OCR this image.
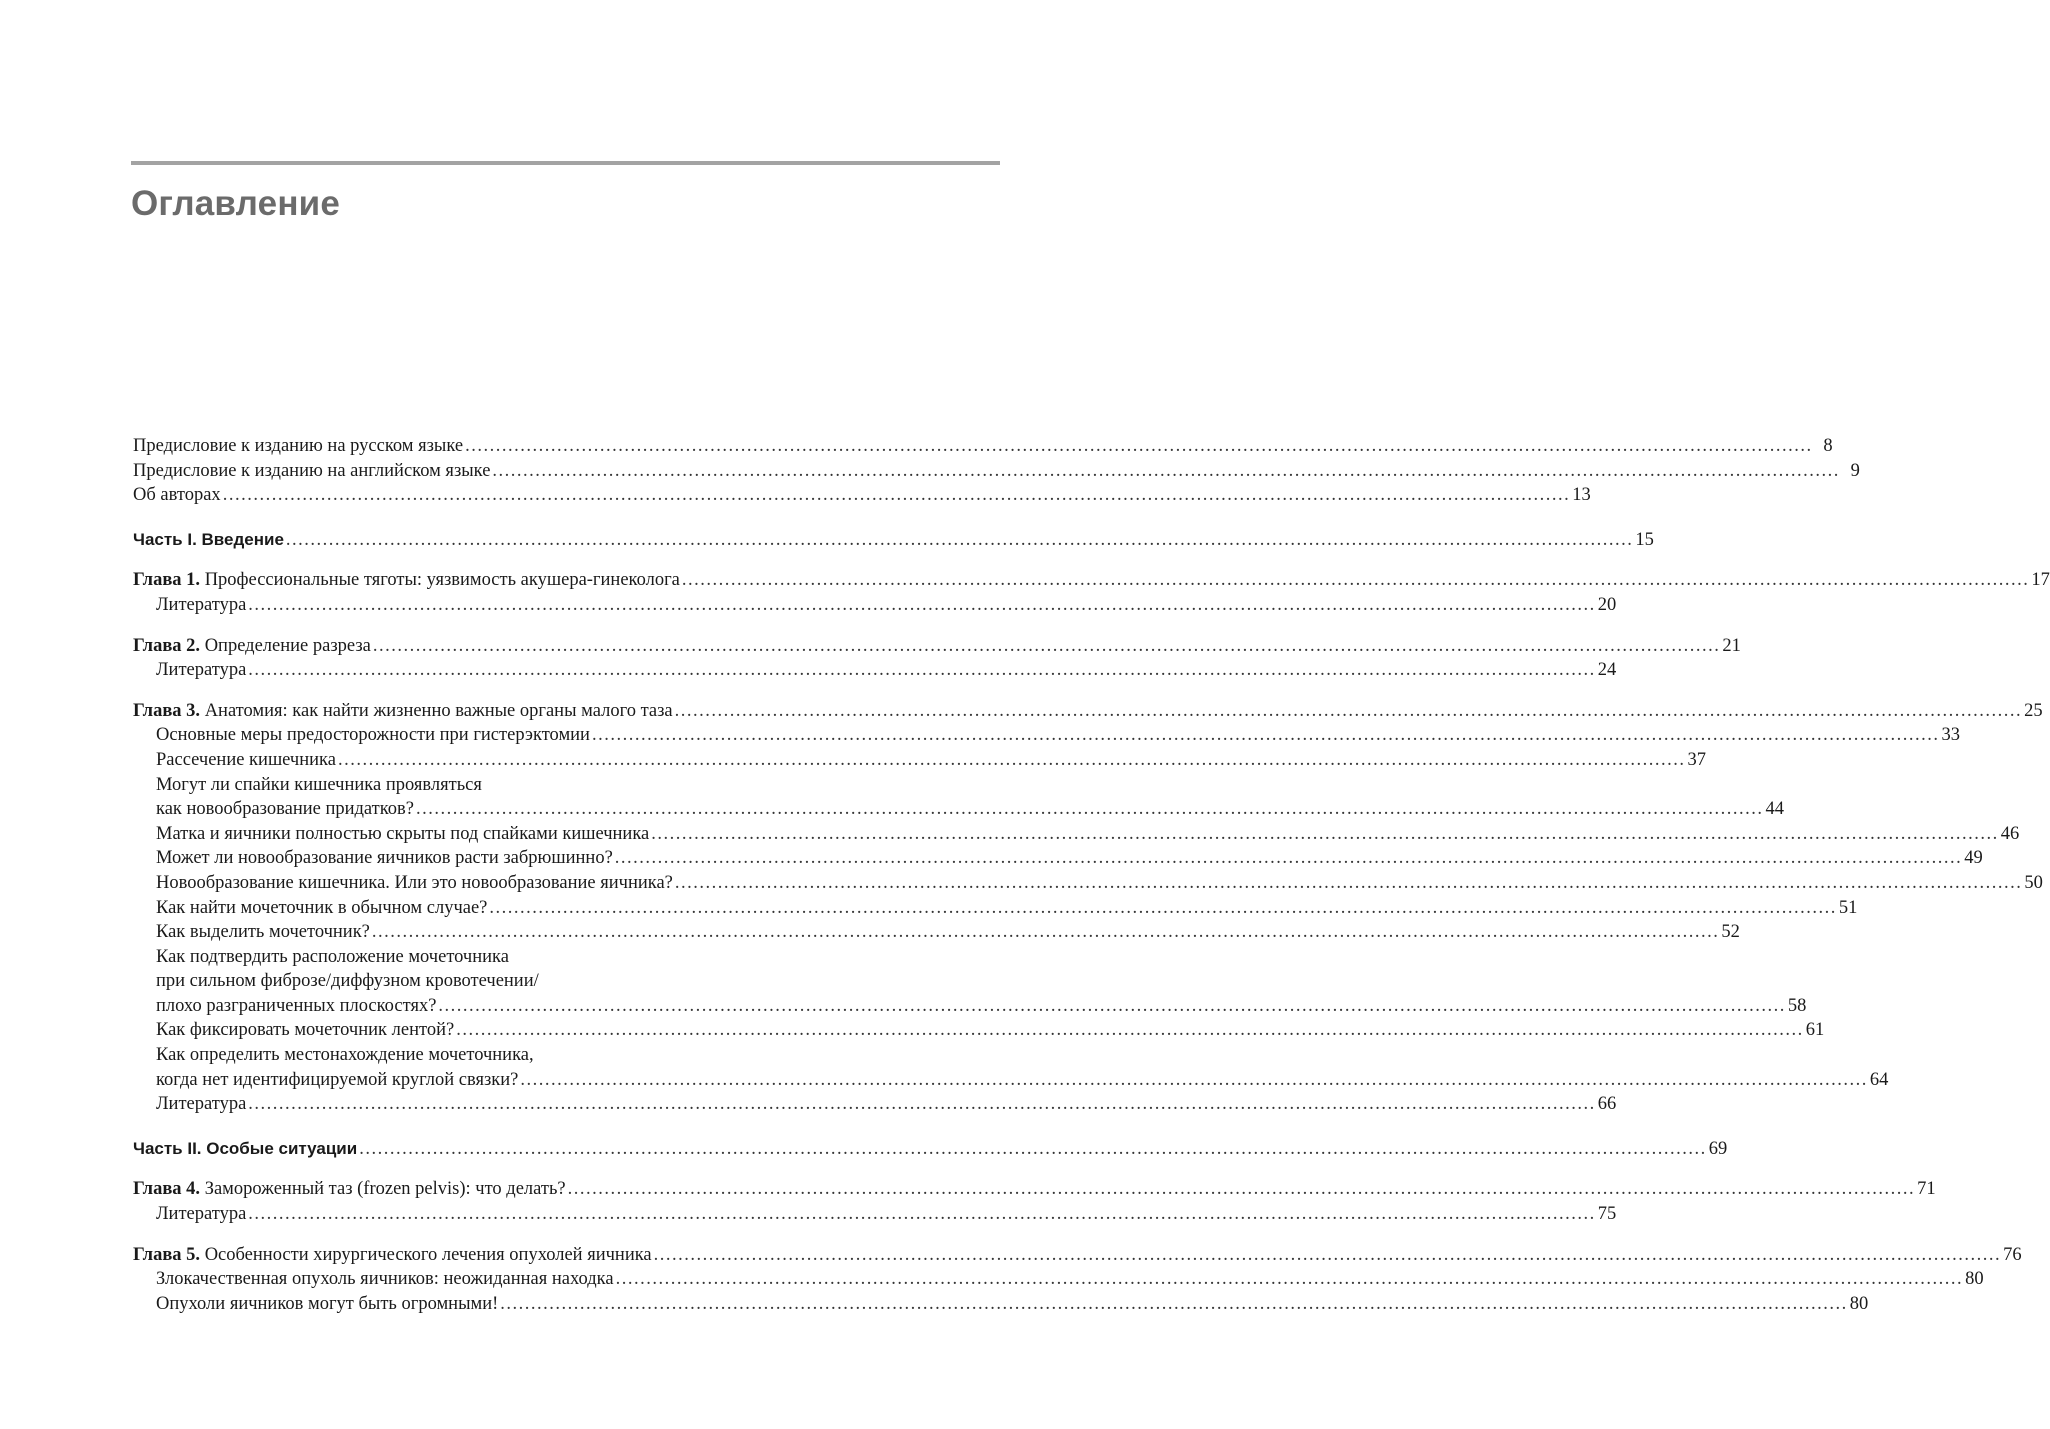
Оглавление
Предисловие к изданию на русском языке ............................................................................................................................................................................................................................ 8
Предисловие к изданию на английском языке ............................................................................................................................................................................................................................ 9
Об авторах ............................................................................................................................................................................................................................ 13
Часть I. Введение ............................................................................................................................................................................................................................ 15
Глава 1. Профессиональные тяготы: уязвимость акушера-гинеколога ............................................................................................................................................................................................................................ 17
Литература ............................................................................................................................................................................................................................ 20
Глава 2. Определение разреза ............................................................................................................................................................................................................................ 21
Литература ............................................................................................................................................................................................................................ 24
Глава 3. Анатомия: как найти жизненно важные органы малого таза ............................................................................................................................................................................................................................ 25
Основные меры предосторожности при гистерэктомии ............................................................................................................................................................................................................................ 33
Рассечение кишечника ............................................................................................................................................................................................................................ 37
Могут ли спайки кишечника проявляться
как новообразование придатков? ............................................................................................................................................................................................................................ 44
Матка и яичники полностью скрыты под спайками кишечника ............................................................................................................................................................................................................................ 46
Может ли новообразование яичников расти забрюшинно? ............................................................................................................................................................................................................................ 49
Новообразование кишечника. Или это новообразование яичника? ............................................................................................................................................................................................................................ 50
Как найти мочеточник в обычном случае? ............................................................................................................................................................................................................................ 51
Как выделить мочеточник? ............................................................................................................................................................................................................................ 52
Как подтвердить расположение мочеточника
при сильном фиброзе/диффузном кровотечении/
плохо разграниченных плоскостях? ............................................................................................................................................................................................................................ 58
Как фиксировать мочеточник лентой? ............................................................................................................................................................................................................................ 61
Как определить местонахождение мочеточника,
когда нет идентифицируемой круглой связки? ............................................................................................................................................................................................................................ 64
Литература ............................................................................................................................................................................................................................ 66
Часть II. Особые ситуации ............................................................................................................................................................................................................................ 69
Глава 4. Замороженный таз (frozen pelvis): что делать? ............................................................................................................................................................................................................................ 71
Литература ............................................................................................................................................................................................................................ 75
Глава 5. Особенности хирургического лечения опухолей яичника ............................................................................................................................................................................................................................ 76
Злокачественная опухоль яичников: неожиданная находка ............................................................................................................................................................................................................................ 80
Опухоли яичников могут быть огромными! ............................................................................................................................................................................................................................ 80
